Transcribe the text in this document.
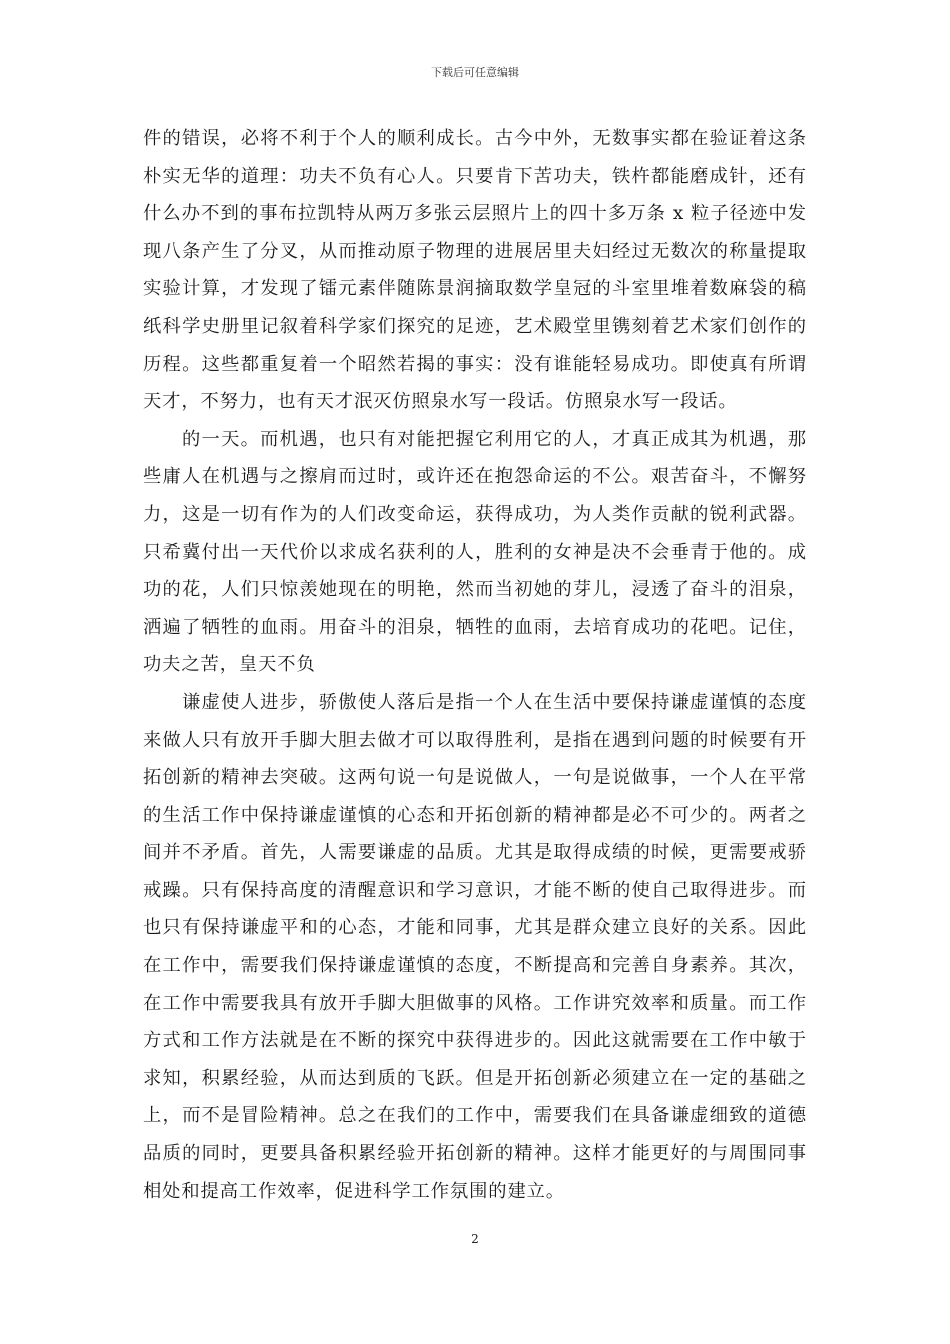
下载后可任意编辑

件的错误，必将不利于个人的顺利成长。古今中外，无数事实都在验证着这条朴实无华的道理：功夫不负有心人。只要肯下苦功夫，铁杵都能磨成针，还有什么办不到的事布拉凯特从两万多张云层照片上的四十多万条 x 粒子径迹中发现八条产生了分叉，从而推动原子物理的进展居里夫妇经过无数次的称量提取实验计算，才发现了镭元素伴随陈景润摘取数学皇冠的斗室里堆着数麻袋的稿纸科学史册里记叙着科学家们探究的足迹，艺术殿堂里镌刻着艺术家们创作的历程。这些都重复着一个昭然若揭的事实：没有谁能轻易成功。即使真有所谓天才，不努力，也有天才泯灭仿照泉水写一段话。仿照泉水写一段话。

的一天。而机遇，也只有对能把握它利用它的人，才真正成其为机遇，那些庸人在机遇与之擦肩而过时，或许还在抱怨命运的不公。艰苦奋斗，不懈努力，这是一切有作为的人们改变命运，获得成功，为人类作贡献的锐利武器。只希冀付出一天代价以求成名获利的人，胜利的女神是决不会垂青于他的。成功的花，人们只惊羡她现在的明艳，然而当初她的芽儿，浸透了奋斗的泪泉，洒遍了牺牲的血雨。用奋斗的泪泉，牺牲的血雨，去培育成功的花吧。记住，功夫之苦，皇天不负

谦虚使人进步，骄傲使人落后是指一个人在生活中要保持谦虚谨慎的态度来做人只有放开手脚大胆去做才可以取得胜利，是指在遇到问题的时候要有开拓创新的精神去突破。这两句说一句是说做人，一句是说做事，一个人在平常的生活工作中保持谦虚谨慎的心态和开拓创新的精神都是必不可少的。两者之间并不矛盾。首先，人需要谦虚的品质。尤其是取得成绩的时候，更需要戒骄戒躁。只有保持高度的清醒意识和学习意识，才能不断的使自己取得进步。而也只有保持谦虚平和的心态，才能和同事，尤其是群众建立良好的关系。因此在工作中，需要我们保持谦虚谨慎的态度，不断提高和完善自身素养。其次，在工作中需要我具有放开手脚大胆做事的风格。工作讲究效率和质量。而工作方式和工作方法就是在不断的探究中获得进步的。因此这就需要在工作中敏于求知，积累经验，从而达到质的飞跃。但是开拓创新必须建立在一定的基础之上，而不是冒险精神。总之在我们的工作中，需要我们在具备谦虚细致的道德品质的同时，更要具备积累经验开拓创新的精神。这样才能更好的与周围同事相处和提高工作效率，促进科学工作氛围的建立。

2
